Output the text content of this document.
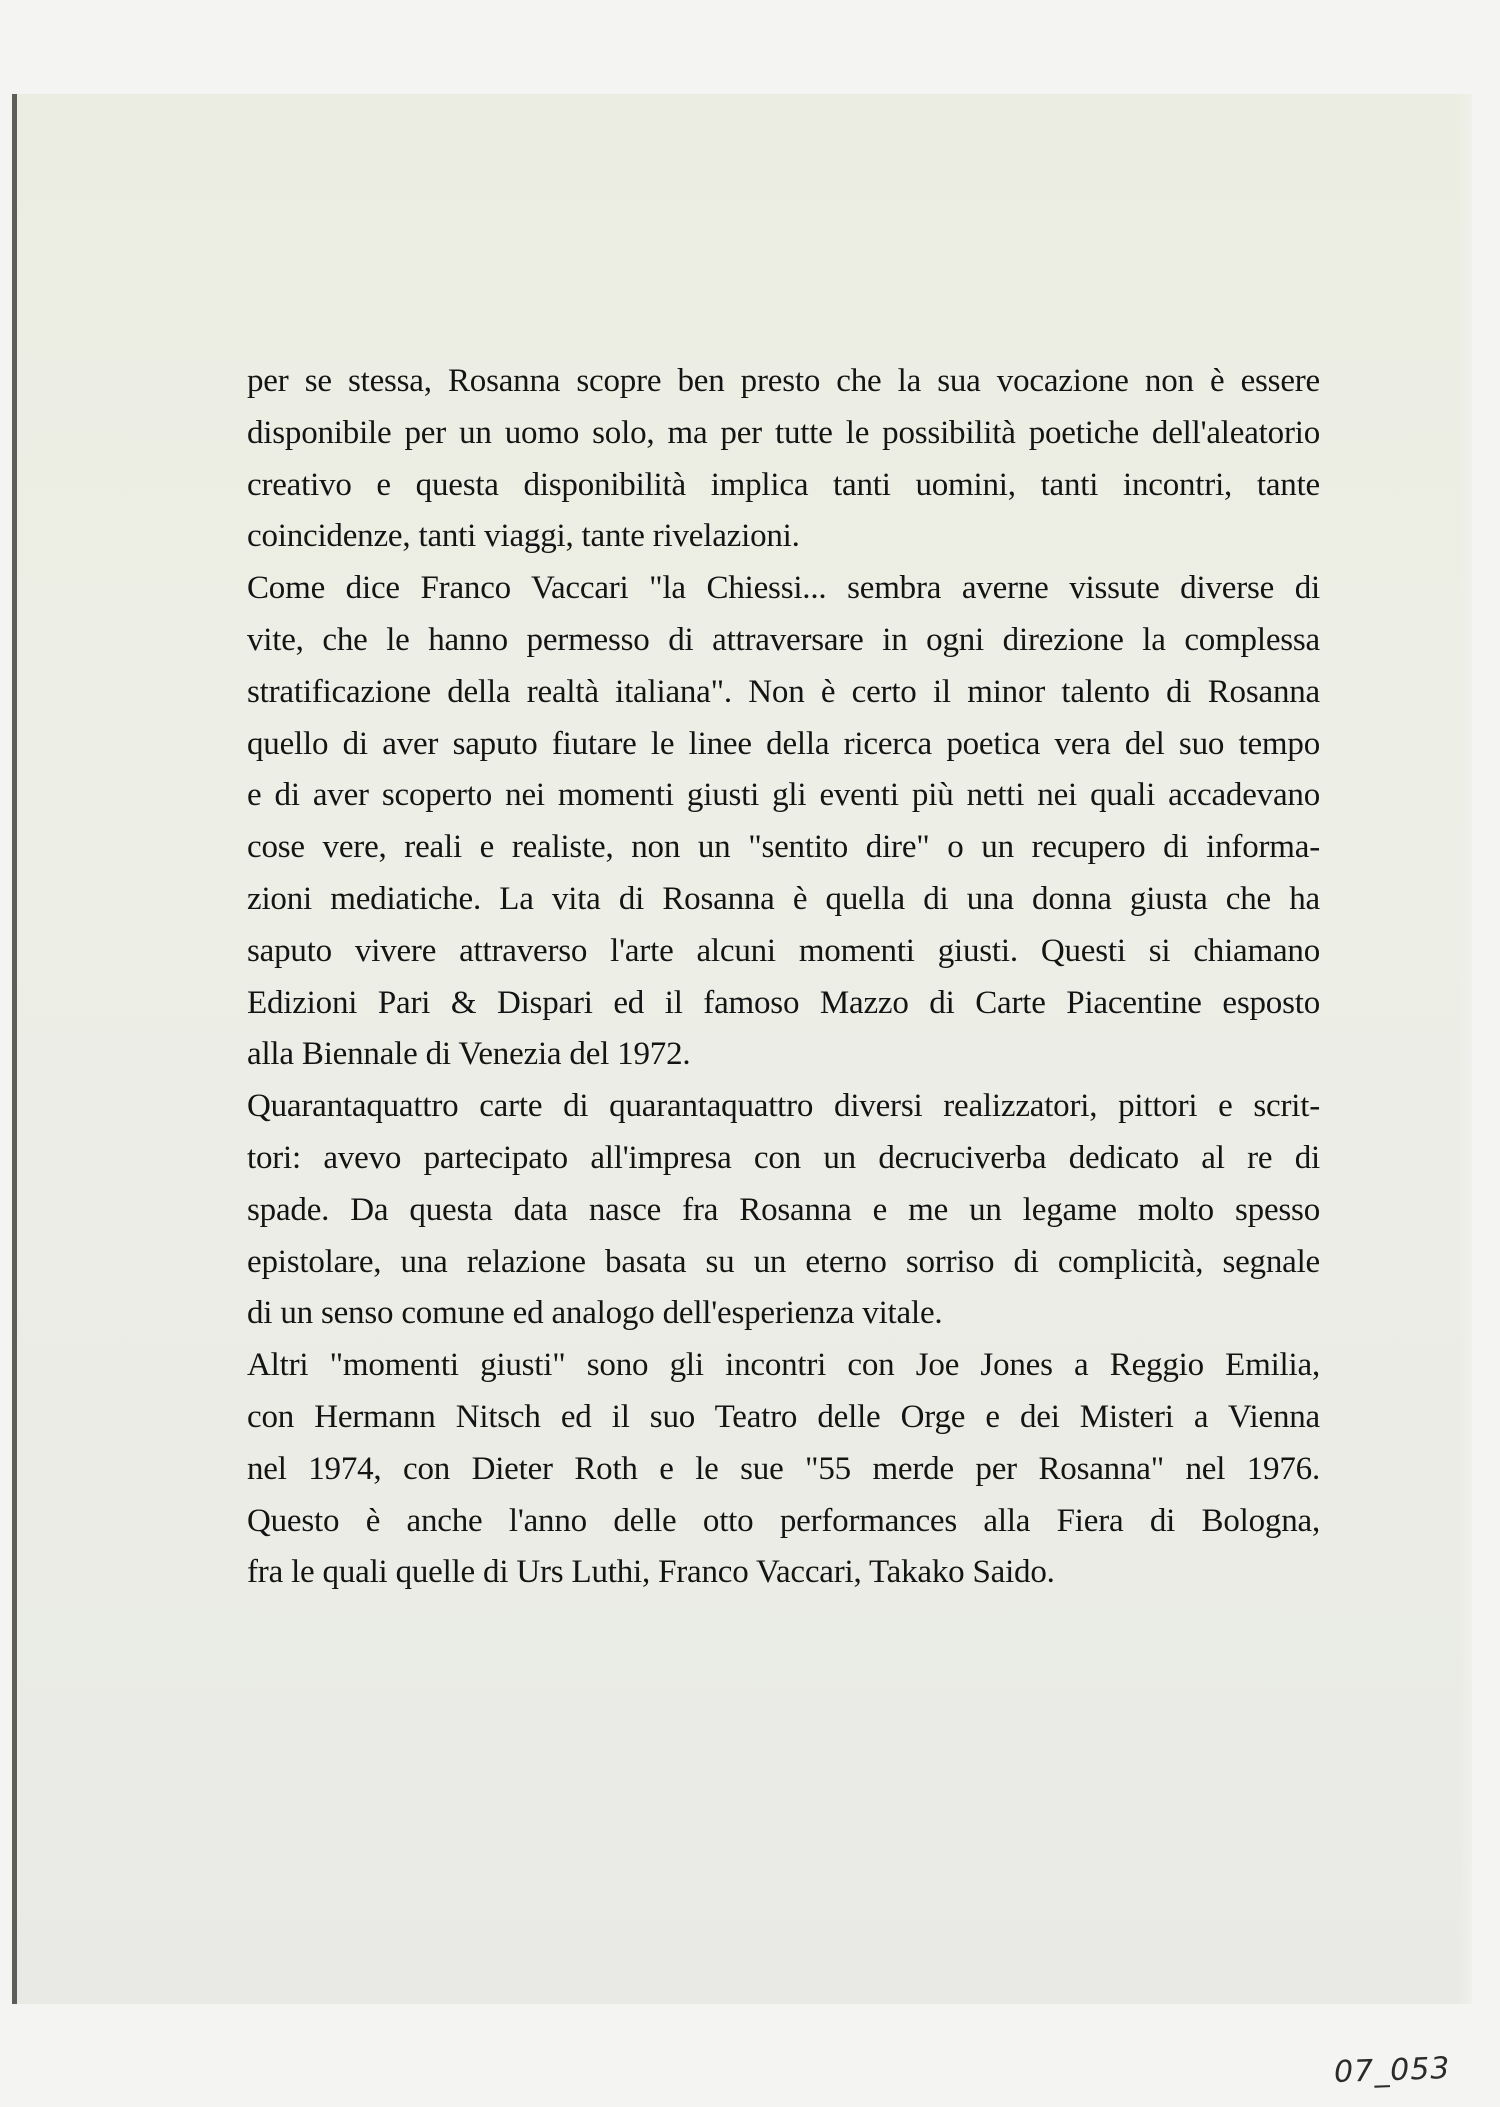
per se stessa, Rosanna scopre ben presto che la sua vocazione non è essere
disponibile per un uomo solo, ma per tutte le possibilità poetiche dell'aleatorio
creativo e questa disponibilità implica tanti uomini, tanti incontri, tante
coincidenze, tanti viaggi, tante rivelazioni.
Come dice Franco Vaccari "la Chiessi... sembra averne vissute diverse di
vite, che le hanno permesso di attraversare in ogni direzione la complessa
stratificazione della realtà italiana". Non è certo il minor talento di Rosanna
quello di aver saputo fiutare le linee della ricerca poetica vera del suo tempo
e di aver scoperto nei momenti giusti gli eventi più netti nei quali accadevano
cose vere, reali e realiste, non un "sentito dire" o un recupero di informa-
zioni mediatiche. La vita di Rosanna è quella di una donna giusta che ha
saputo vivere attraverso l'arte alcuni momenti giusti. Questi si chiamano
Edizioni Pari & Dispari ed il famoso Mazzo di Carte Piacentine esposto
alla Biennale di Venezia del 1972.
Quarantaquattro carte di quarantaquattro diversi realizzatori, pittori e scrit-
tori: avevo partecipato all'impresa con un decruciverba dedicato al re di
spade. Da questa data nasce fra Rosanna e me un legame molto spesso
epistolare, una relazione basata su un eterno sorriso di complicità, segnale
di un senso comune ed analogo dell'esperienza vitale.
Altri "momenti giusti" sono gli incontri con Joe Jones a Reggio Emilia,
con Hermann Nitsch ed il suo Teatro delle Orge e dei Misteri a Vienna
nel 1974, con Dieter Roth e le sue "55 merde per Rosanna" nel 1976.
Questo è anche l'anno delle otto performances alla Fiera di Bologna,
fra le quali quelle di Urs Luthi, Franco Vaccari, Takako Saido.
07_053
